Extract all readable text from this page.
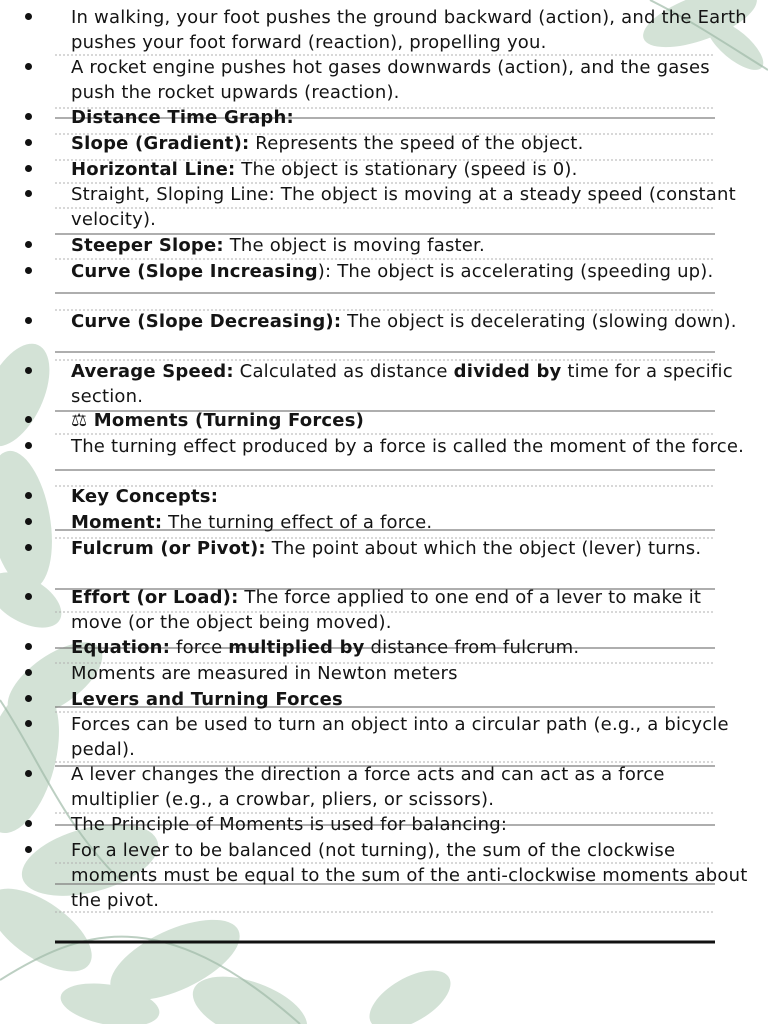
In walking, your foot pushes the ground backward (action), and the Earth pushes your foot forward (reaction), propelling you.
A rocket engine pushes hot gases downwards (action), and the gases push the rocket upwards (reaction).
Distance Time Graph:
Slope (Gradient): Represents the speed of the object.
Horizontal Line: The object is stationary (speed is 0).
Straight, Sloping Line: The object is moving at a steady speed (constant velocity).
Steeper Slope: The object is moving faster.
Curve (Slope Increasing): The object is accelerating (speeding up).
Curve (Slope Decreasing): The object is decelerating (slowing down).
Average Speed: Calculated as distance divided by time for a specific section.
⚖ Moments (Turning Forces)
The turning effect produced by a force is called the moment of the force.
Key Concepts:
Moment: The turning effect of a force.
Fulcrum (or Pivot): The point about which the object (lever) turns.
Effort (or Load): The force applied to one end of a lever to make it move (or the object being moved).
Equation: force multiplied by distance from fulcrum.
Moments are measured in Newton meters
Levers and Turning Forces
Forces can be used to turn an object into a circular path (e.g., a bicycle pedal).
A lever changes the direction a force acts and can act as a force multiplier (e.g., a crowbar, pliers, or scissors).
The Principle of Moments is used for balancing:
For a lever to be balanced (not turning), the sum of the clockwise moments must be equal to the sum of the anti-clockwise moments about the pivot.
